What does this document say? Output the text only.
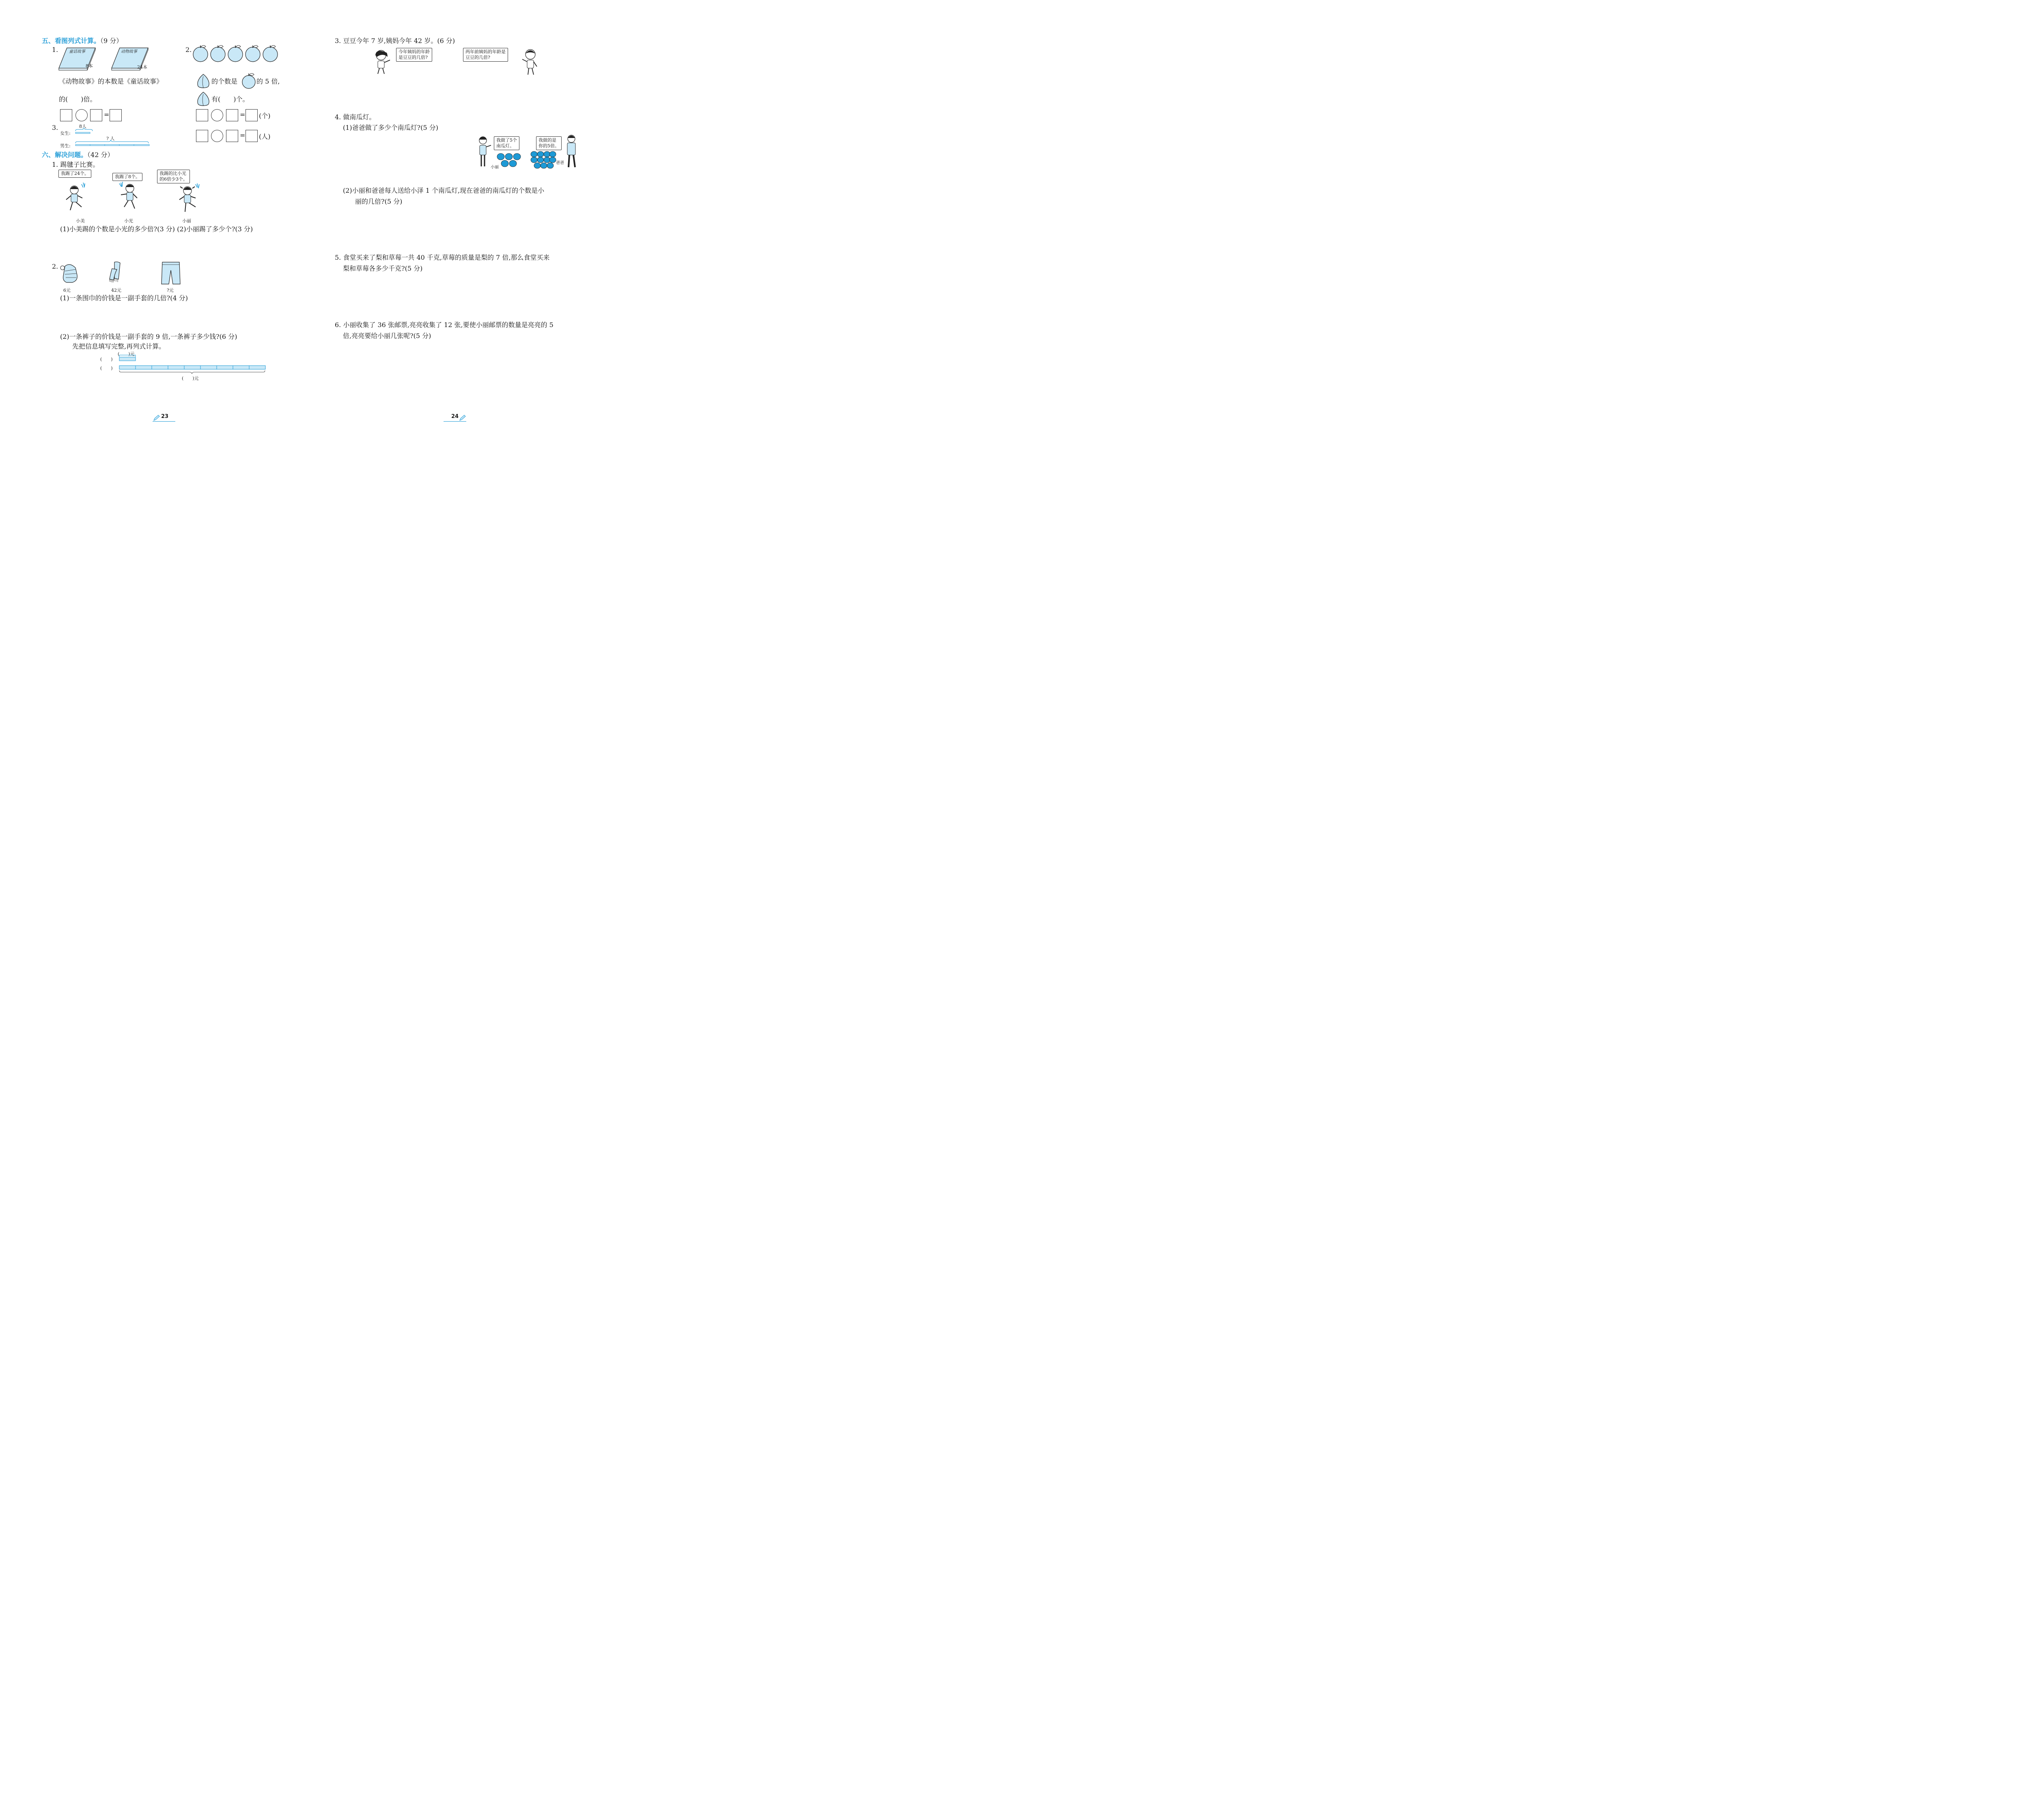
五、看图列式计算。（9 分）
1.	童话故事
8本
动物故事
24本
《动物故事》的本数是《童话故事》
的(　　)倍。
=
2.
的个数是	的 5 倍,
有(　　)个。
= (个)
= (人)
3.	8人
女生:
? 人
男生:
六、解决问题。（42 分）
1. 踢毽子比赛。
我踢了24个。
我踢了8个。
我踢的比小光
的6倍少3个。
小美	小光	小丽
(1)小美踢的个数是小光的多少倍?(3 分) (2)小丽踢了多少个?(3 分)
2.
6元	42元	?元
(1)一条围巾的价钱是一副手套的几倍?(4 分)
(2)一条裤子的价钱是一副手套的 9 倍,一条裤子多少钱?(6 分)
先把信息填写完整,再列式计算。
(　　)元
(　　)
(　　)
(　　)元
23
3. 豆豆今年 7 岁,姨妈今年 42 岁。(6 分)
今年姨妈的年龄
是豆豆的几倍?
两年前姨妈的年龄是
豆豆的几倍?
4. 做南瓜灯。
(1)爸爸做了多少个南瓜灯?(5 分)
我做了5个
南瓜灯。
小丽
我做的是
你的5倍。
爸爸
(2)小丽和爸爸每人送给小泽 1 个南瓜灯,现在爸爸的南瓜灯的个数是小
丽的几倍?(5 分)
5. 食堂买来了梨和草莓一共 40 千克,草莓的质量是梨的 7 倍,那么食堂买来
梨和草莓各多少千克?(5 分)
6. 小丽收集了 36 张邮票,亮亮收集了 12 张,要使小丽邮票的数量是亮亮的 5
倍,亮亮要给小丽几张呢?(5 分)
24
